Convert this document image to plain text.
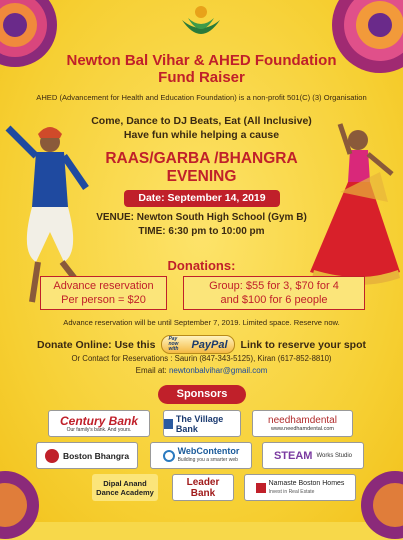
Newton Bal Vihar & AHED Foundation
Fund Raiser
AHED (Advancement for Health and Education Foundation) is a non-profit 501(C) (3) Organisation
Come, Dance to DJ Beats, Eat (All Inclusive)
Have fun while helping a cause
RAAS/GARBA /BHANGRA
EVENING
Date: September 14, 2019
VENUE: Newton South High School (Gym B)
TIME: 6:30 pm to 10:00 pm
Donations:
Advance reservation
Per person = $20
Group: $55 for 3, $70 for 4
and $100 for 6 people
Advance reservation will be until September 7, 2019. Limited space. Reserve now.
Donate Online: Use this	Pay now with	PayPal Link to reserve your spot
Or Contact for Reservations : Saurin (847-343-5125), Kiran (617-852-8810)
Email at: newtonbalvihar@gmail.com
Sponsors
Century Bank
Our family's bank. And yours.
The Village Bank
needhamdental
www.needhamdental.com
Boston Bhangra	WebContentor
Building you a smarter web	STEAM Works Studio
Dipal Anand Dance Academy
Leader Bank
Namaste Boston Homes
Invest in Real Estate
